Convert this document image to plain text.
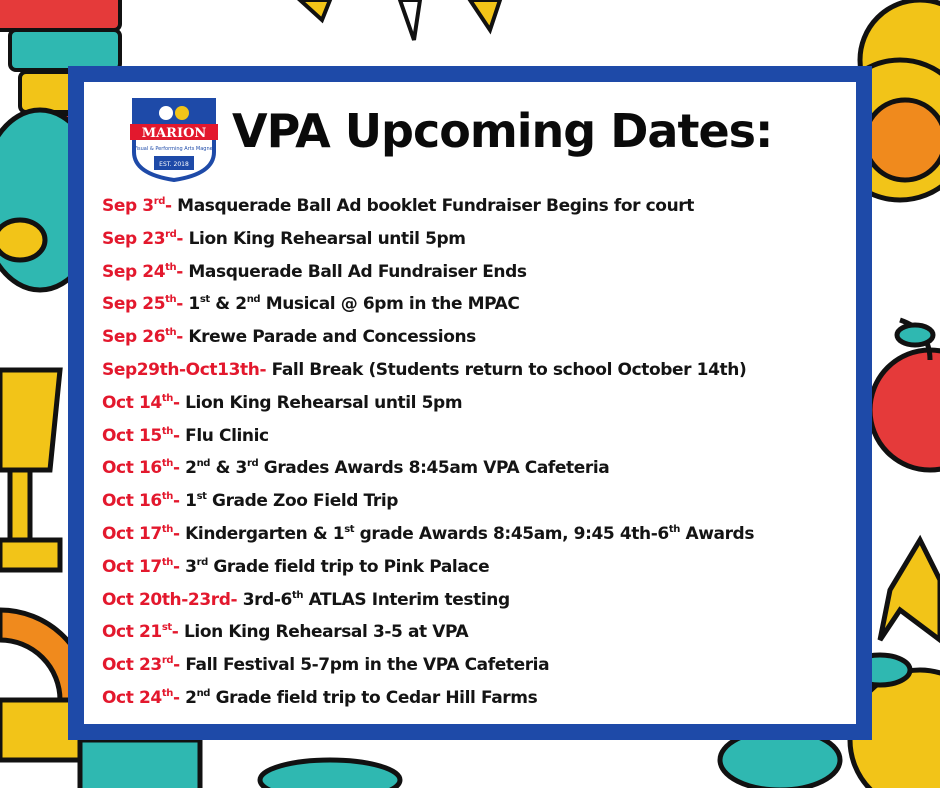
MARION
Visual & Performing Arts Magnet
EST. 2018
VPA Upcoming Dates:
Sep 3rd- Masquerade Ball Ad booklet Fundraiser Begins for court
Sep 23rd- Lion King Rehearsal until 5pm
Sep 24th- Masquerade Ball Ad Fundraiser Ends
Sep 25th- 1st & 2nd Musical @ 6pm in the MPAC
Sep 26th- Krewe Parade and Concessions
Sep29th-Oct13th- Fall Break (Students return to school October 14th)
Oct 14th- Lion King Rehearsal until 5pm
Oct 15th- Flu Clinic
Oct 16th- 2nd & 3rd Grades Awards 8:45am VPA Cafeteria
Oct 16th- 1st Grade Zoo Field Trip
Oct 17th- Kindergarten & 1st grade Awards 8:45am, 9:45 4th-6th Awards
Oct 17th- 3rd Grade field trip to Pink Palace
Oct 20th-23rd- 3rd-6th ATLAS Interim testing
Oct 21st- Lion King Rehearsal 3-5 at VPA
Oct 23rd- Fall Festival 5-7pm in the VPA Cafeteria
Oct 24th- 2nd Grade field trip to Cedar Hill Farms
